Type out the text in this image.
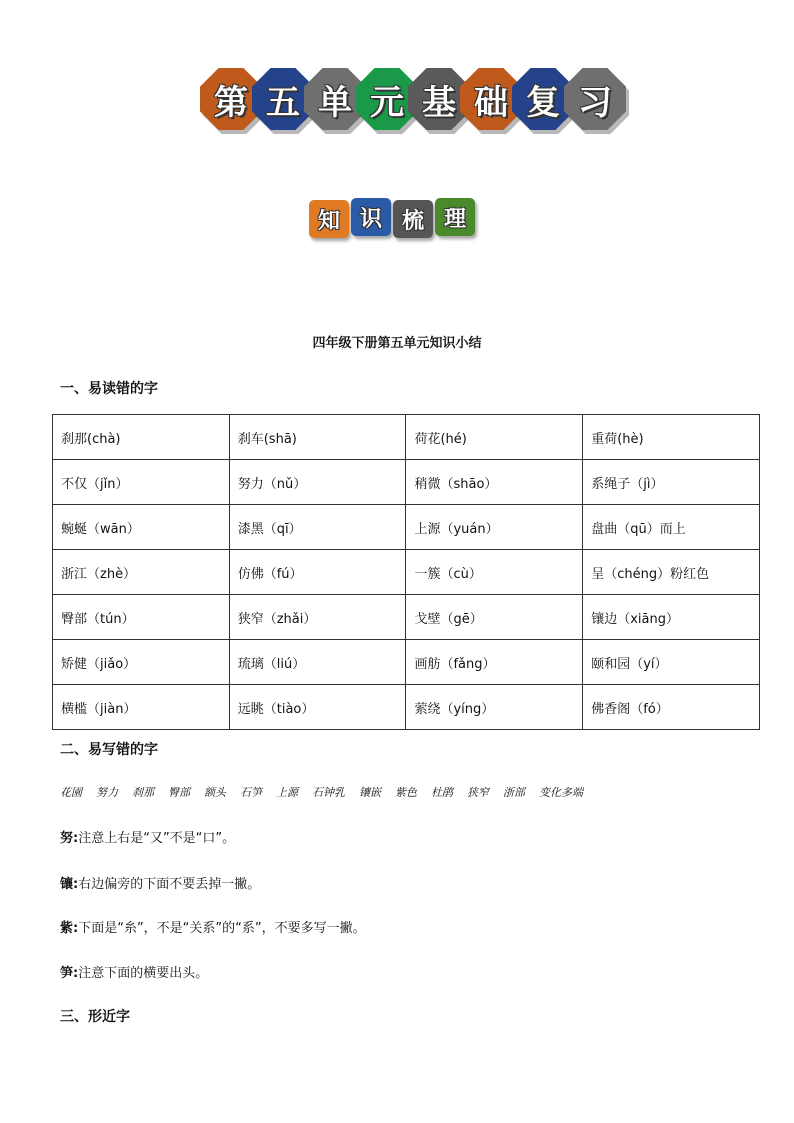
第 五 单 元 基 础 复 习
知 识 梳 理
四年级下册第五单元知识小结
一、易读错的字
刹那(chà)	刹车(shā)	荷花(hé)	重荷(hè)
不仅（jǐn）	努力（nǔ）	稍微（shāo）	系绳子（jì）
蜿蜒（wān）	漆黑（qī）	上源（yuán）	盘曲（qū）而上
浙江（zhè）	仿佛（fú）	一簇（cù）	呈（chéng）粉红色
臀部（tún）	狭窄（zhǎi）	戈壁（gē）	镶边（xiāng）
矫健（jiǎo）	琉璃（liú）	画舫（fǎng）	颐和园（yí）
横槛（jiàn）	远眺（tiào）	萦绕（yíng）	佛香阁（fó）
二、易写错的字
花園 努力 刹那 臀部 额头 石笋 上源 石钟乳 镶嵌 紫色 杜鹃 狭窄 浙部 变化多端
努:注意上右是“又”不是“口”。
镶:右边偏旁的下面不要丢掉一撇。
紫:下面是“糸”，不是“关系”的“系”，不要多写一撇。
笋:注意下面的横要出头。
三、形近字
